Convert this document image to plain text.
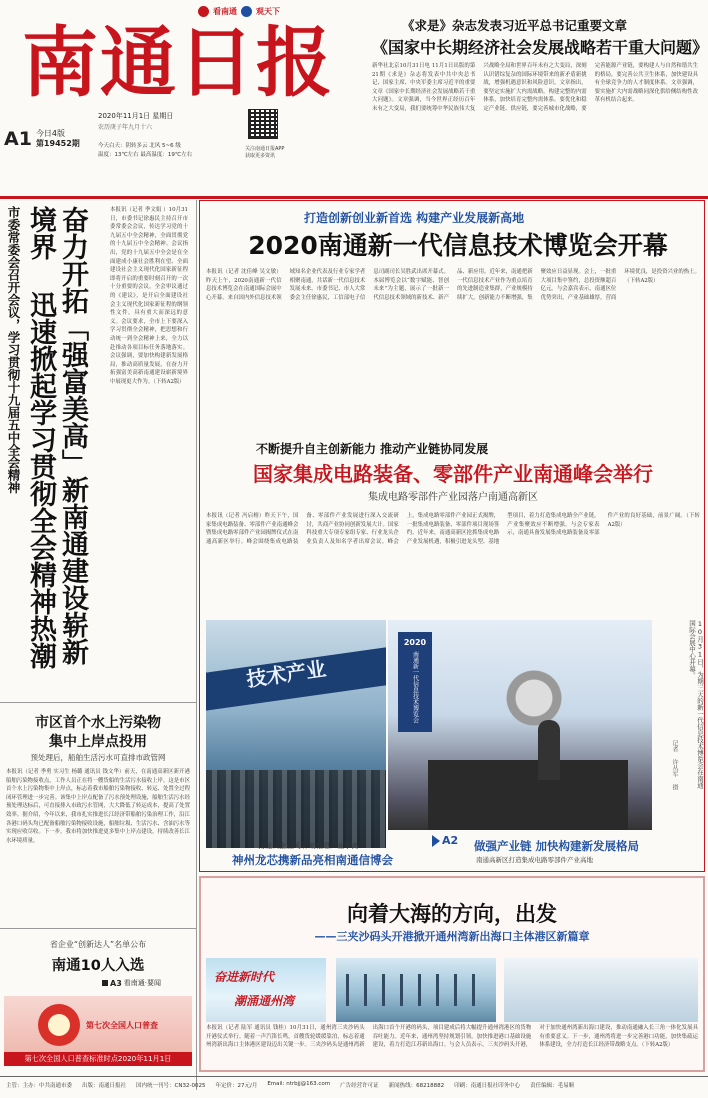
南通日报
看南通 观天下
A1 今日4版
第19452期
2020年11月1日 星期日
农历庚子年九月十六
今天白天：阴转多云 北风 5~6 级
温度：13℃左右 最高温度：19℃左右
关注南通日报APP
获取更多资讯
《求是》杂志发表习近平总书记重要文章
《国家中长期经济社会发展战略若干重大问题》
新华社北京10月31日电 11月1日出版的第21期《求是》杂志将发表中共中央总书记、国家主席、中央军委主席习近平的重要文章《国家中长期经济社会发展战略若干重大问题》。文章强调，当今世界正经历百年未有之大变局，我们要统筹中华民族伟大复兴战略全局和世界百年未有之大变局，深刻认识错综复杂的国际环境带来的新矛盾新挑战，增强机遇意识和风险意识。文章指出，要坚定实施扩大内需战略，构建完整的内需体系，加快培育完整内需体系。要优化和稳定产业链、供应链，要完善城市化战略，要完善能源产业链，要构建人与自然和谐共生的格局，要完善公共卫生体系，加快建设具有全球竞争力的人才制度体系。文章强调，要实施扩大内需战略同深化供给侧结构性改革有机结合起来。
市委常委会召开会议，学习贯彻十九届五中全会精神	奋力开拓「强富美高」新南通建设崭新境界 迅速掀起学习贯彻全会精神热潮	本报讯（记者 季文娟 ）10月31日，市委书记徐惠民主持召开市委常委会会议，传达学习党的十九届五中全会精神，全面贯彻党的十九届五中全会精神。会议指出，党的十九届五中全会是在全面建成小康社会胜利在望、全面建设社会主义现代化国家新征程即将开启的重要时刻召开的一次十分重要的会议。全会审议通过的《建议》，是开启全面建设社会主义现代化国家新征程的纲领性文件，具有重大而深远的意义。会议要求，全市上下要深入学习贯彻全会精神，把思想和行动统一到全会精神上来，全力以赴推动各项目标任务落地落实。会议强调，要加快构建新发展格局，推动高质量发展，在奋力开拓强富美高新南通建设崭新境界中展现更大作为。（下转A2版）
打造创新创业新首选 构建产业发展新高地
2020南通新一代信息技术博览会开幕
本报讯（记者 沈佳峰 吴文敏）昨天上午，2020南通新一代信息技术博览会在南通国际会展中心开幕。来自国内外信息技术领域知名企业代表及行业专家学者相聚南通，共话新一代信息技术发展未来。市委书记、市人大常委会主任徐惠民，工信部电子信息司副司长吴胜武出席开幕式。本届博览会以“数字赋能、智创未来”为主题，展示了一批新一代信息技术领域的新技术、新产品、新应用。近年来，南通把新一代信息技术产业作为重点培育的先进制造业集群，产业规模持续扩大，创新能力不断增强，集聚效应日益显现。会上，一批重大项目集中签约，总投资额超百亿元。与会嘉宾表示，南通区位优势突出，产业基础雄厚，营商环境优良，是投资兴业的热土。（下转A2版）
不断提升自主创新能力 推动产业链协同发展
国家集成电路装备、零部件产业南通峰会举行
集成电路零部件产业园落户南通高新区
本报讯（记者 冯启榕）昨天下午，国家集成电路装备、零部件产业南通峰会暨集成电路零部件产业园揭牌仪式在南通高新区举行。峰会围绕集成电路装备、零部件产业发展进行深入交流研讨，共商产业协同创新发展大计。国家科技重大专项专家组专家、行业龙头企业负责人及知名学者出席会议。峰会上，集成电路零部件产业园正式揭牌，一批集成电路装备、零部件项目现场签约。近年来，南通高新区抢抓集成电路产业发展机遇，积极引进龙头型、基地型项目，着力打造集成电路全产业链，产业集聚效应不断增强。与会专家表示，南通具备发展集成电路装备及零部件产业的良好基础，前景广阔。（下转A2版）
技术产业
2020
南通新一代信息技术博览会	10月31日，为期三天的新一代信息技术博览会在南通国际会展中心开幕。
记者 许丛军 摄
扬龙头企业风采 助信息产业攀高
神州龙芯携新品亮相南通信博会
A2 做强产业链 加快构建新发展格局
南通高新区打造集成电路零部件产业高地
市区首个水上污染物
集中上岸点投用
预处理后，船舶生活污水可直排市政管网
本报讯（记者 季勇 实习生 杨璐 通讯员 钱文华）前天，在南通高新区新开港船舶污染物接收点，工作人员正在将一艘货船的生活污水接收上岸。这是市区首个水上污染物集中上岸点，标志着我市船舶污染物接收、转运、处置全过程闭环管理进一步完善。该集中上岸点配备了污水预处理设施，船舶生活污水经预处理达标后，可直接排入市政污水管网，大大降低了转运成本，提高了处置效率。据介绍，今年以来，我市扎实推进长江经济带船舶污染治理工作，沿江各港口码头均已配备船舶污染物接收设施，船舶垃圾、生活污水、含油污水等实现应收尽收。下一步，我市将加快推进更多集中上岸点建设，持续改善长江水环境质量。
省企业“创新达人”名单公布
南通10人入选
A3 看南通·要闻
第七次全国人口普查
第七次全国人口普查标准时点2020年11月1日
向着大海的方向，出发
——三夹沙码头开港掀开通州湾新出海口主体港区新篇章
奋进新时代
潮涌通州湾
本报讯（记者 陆军 通讯员 钱桂）10月31日，通州湾三夹沙码头开港仪式举行。随着一声汽笛长鸣，首艘货轮缓缓靠泊，标志着通州湾新出海口主体港区建设迈出关键一步。三夹沙码头是通州湾新出海口首个开港的码头，项目建成后将大幅提升通州湾港区的货物吞吐能力。近年来，通州湾坚持规划引领，加快推进港口基础设施建设，着力打造江苏新出海口。与会人员表示，三夹沙码头开港，对于加快通州湾新出海口建设，推动南通融入长三角一体化发展具有重要意义。下一步，通州湾将进一步完善港口功能，加快集疏运体系建设，全力打造长江经济带战略支点。（下转A2版）
主管：主办：中共南通市委 出版：南通日报社 国内统一刊号：CN32-0025 年定价：27元/月 Email: ntrbjj@163.com 广告经营许可证 新闻热线：68218882 印刷：南通日报社印务中心 责任编辑：毛易顺
